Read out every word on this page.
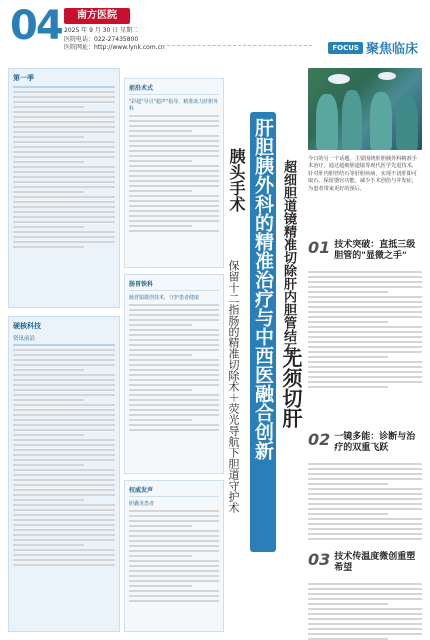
04	南方医院
2025 年 9 月 30 日 星期二
医院电话：022-27435800
医院网址：http://www.lynk.com.cn	FOCUS 聚焦临床
第一季
硬核科技
资讯前沿
前沿术式
"彩超"导引"超声"指导、精准助力肝胆外科
肠胃铁科
肠胃镜微创技术，守护患者健康
权威发声
胆囊炎患者
肝胆胰外科的精准治疗与中西医融合创新
胰头手术
保留十二指肠的精准切除术＋荧光导航下胆道守护术
超细胆道镜精准切除肝内胆管结石
无须切肝
今日的另一个话题，主要围绕肝胆胰外科精准手术治疗，通过超细胆道镜等现代医学先进技术，针对肝内胆管结石等肝胆疾病，实现不切肝即可取石、保留器官功能，减少手术创伤与并发症，为患者带来更好的预后。
01 技术突破：直抵三级胆管的"显微之手"
02 一镜多能：诊断与治疗的双重飞跃
03 技术传温度微创重塑希望
